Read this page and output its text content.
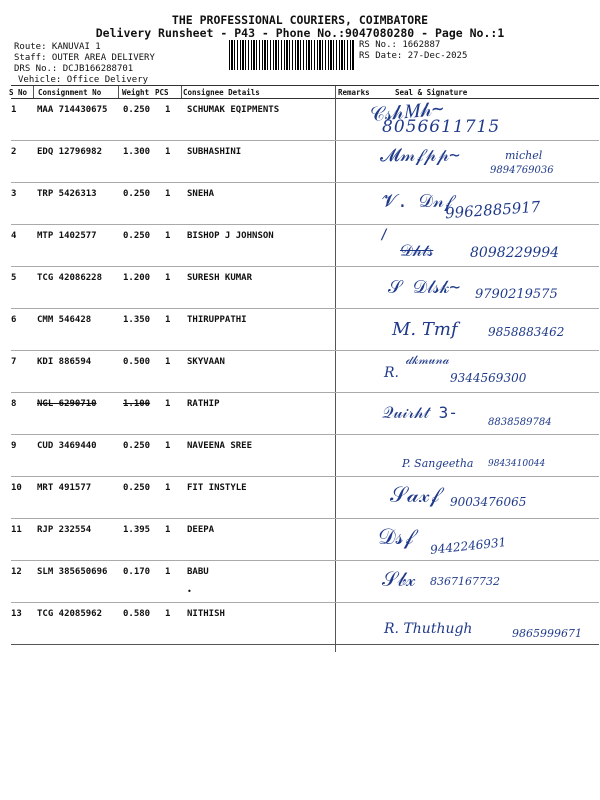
THE PROFESSIONAL COURIERS, COIMBATORE
Delivery Runsheet - P43 - Phone No.:9047080280 - Page No.:1
Route: KANUVAI 1
Staff: OUTER AREA DELIVERY
DRS No.: DCJB166288701
Vehicle: Office Delivery
RS No.: 1662887
RS Date: 27-Dec-2025
S No Consignment No	Weight PCS Consignee Details	Remarks	Seal & Signature
1 MAA 714430675 0.250 1 SCHUMAK EQIPMENTS	𝒞𝓈𝒽𝑀𝒽~
8056611715
2 EDQ 12796982 1.300 1 SUBHASHINI	𝓜𝓂𝒻𝓅𝓅~	michel
9894769036
3 TRP 5426313	0.250 1 SNEHA	𝓥. 𝒟𝓃𝒻
9962885917
4 MTP 1402577	0.250 1 BISHOP J JOHNSON	/
𝒟𝒽𝓉𝓈	8098229994
5 TCG 42086228 1.200 1 SURESH KUMAR	𝒮 𝒟𝓁𝓈𝓀~ 9790219575
6 CMM 546428	1.350 1 THIRUPPATHI	M. Tmf	9858883462
7 KDI 886594	0.500 1 SKYVAAN
R.
𝒹𝓀𝓂𝓊𝓃𝒶
9344569300
8 NGL 6290710	1.100 1 RATHIP	𝒬𝓊𝒾𝓇𝒽𝓉 3-
8838589784
9 CUD 3469440	0.250 1 NAVEENA SREE
P. Sangeetha 9843410044
10 MRT 491577	0.250 1 FIT INSTYLE	𝒮𝒶𝓍𝒻 9003476065
11 RJP 232554	1.395 1 DEEPA	𝒟𝓈𝒻 9442246931
12 SLM 385650696 0.170 1 BABU
•
𝒮𝒷𝓍 8367167732
13 TCG 42085962 0.580 1 NITHISH
R. Thuthugh	9865999671
